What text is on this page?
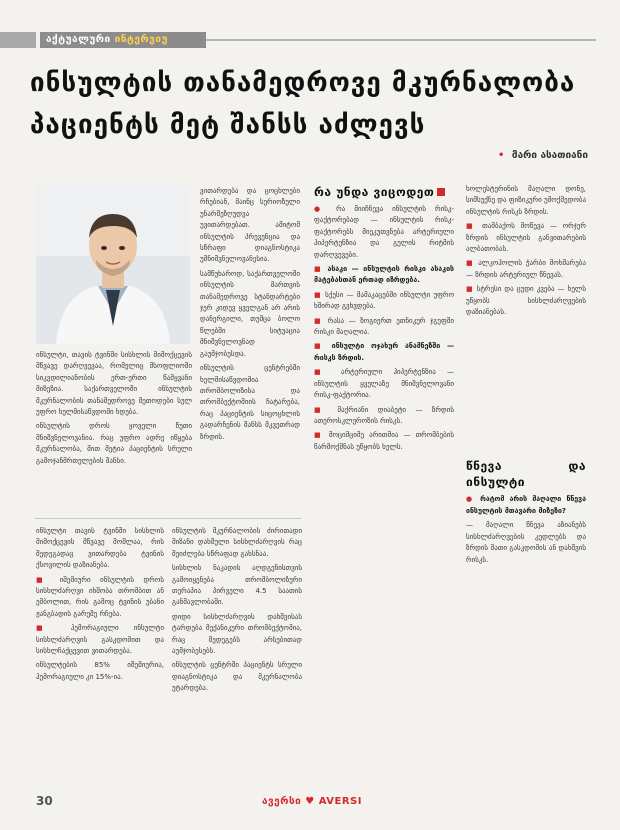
აქტუალური ინტერვიუ
ინსულტის თანამედროვე მკურნალობა
პაციენტს მეტ შანსს აძლევს
• მარი ასათიანი

ვითარდება და ცოცხლები რჩებიან, მაინც სერიოზული უნარშეზღუდვა უვითარდებათ. ამიტომ ინსულტის პრევენცია და სწრაფი დიაგნოსტიკა უმნიშვნელოვანესია.

სამწუხაროდ, საქართველოში ინსულტის მართვის თანამედროვე სტანდარტები ჯერ კიდევ ყველგან არ არის დანერგილი, თუმცა ბოლო წლებში სიტუაცია მნიშვნელოვნად გაუმჯობესდა.

ინსულტის ცენტრებში ხელმისაწვდომია თრომბოლიზისა და თრომბექტომიის ჩატარება, რაც პაციენტის სიცოცხლის გადარჩენის შანსს მკვეთრად ზრდის.

ინსულტი, თავის ტვინში სისხლის მიმოქცევის მწვავე დარღვევაა, რომელიც მსოფლიოში სიკვდილიანობის ერთ-ერთი წამყვანი მიზეზია. საქართველოში ინსულტის მკურნალობის თანამედროვე მეთოდები სულ უფრო ხელმისაწვდომი ხდება.

ინსულტის დროს ყოველი წუთი მნიშვნელოვანია. რაც უფრო ადრე იწყება მკურნალობა, მით მეტია პაციენტის სრული გამოჯანმრთელების შანსი.

ინსულტი თავის ტვინში სისხლის მიმოქცევის მწვავე მოშლაა, რის შედეგადაც ვითარდება ტვინის ქსოვილის დაზიანება.

■ იშემიური ინსულტის დროს სისხლძარღვი იხშობა თრომბით ან ემბოლით, რის გამოც ტვინის უბანი ჟანგბადის გარეშე რჩება.

■ ჰემორაგიული ინსულტი სისხლძარღვის გასკდომით და სისხლჩაქცევით ვითარდება.

ინსულტების 85% იშემიურია, ჰემორაგიული კი 15%-ია.

ინსულტის მკურნალობის ძირითადი მიზანი დახშული სისხლძარღვის რაც შეიძლება სწრაფად გახსნაა.

სისხლის ნაკადის აღდგენისთვის გამოიყენება თრომბოლიზური თერაპია პირველი 4.5 საათის განმავლობაში.

დიდი სისხლძარღვის დახშვისას ტარდება მექანიკური თრომბექტომია, რაც შედეგებს არსებითად აუმჯობესებს.

ინსულტის ცენტრში პაციენტს სრული დიაგნოსტიკა და მკურნალობა უტარდება.

რა უნდა ვიცოდეთ

● რა მიიჩნევა ინსულტის რისკ-ფაქტორებად — ინსულტის რისკ-ფაქტორებს მიეკუთვნება არტერიული ჰიპერტენზია და გულის რიტმის დარღვევები.

■ ასაკი — ინსულტის რისკი ასაკის მატებასთან ერთად იზრდება.

■ სქესი — მამაკაცებში ინსულტი უფრო ხშირად გვხვდება.

■ რასა — ზოგიერთ ეთნიკურ ჯგუფში რისკი მაღალია.

■ ინსულტი ოჯახურ ანამნეზში — რისკს ზრდის.

■ არტერიული ჰიპერტენზია — ინსულტის ყველაზე მნიშვნელოვანი რისკ-ფაქტორია.

■ შაქრიანი დიაბეტი — ზრდის ათეროსკლეროზის რისკს.

■ მოციმციმე არითმია — თრომბების წარმოქმნას უწყობს ხელს.

ხოლესტერინის მაღალი დონე, სიმსუქნე და ფიზიკური უმოქმედობა ინსულტის რისკს ზრდის.

■ თამბაქოს მოწევა — ორჯერ ზრდის ინსულტის განვითარების ალბათობას.

■ ალკოჰოლის ჭარბი მოხმარება — ზრდის არტერიულ წნევას.

■ სტრესი და ცუდი კვება — ხელს უწყობს სისხლძარღვების დაზიანებას.

წნევა და ინსულტი

● რატომ არის მაღალი წნევა ინსულტის მთავარი მიზეზი?

— მაღალი წნევა აზიანებს სისხლძარღვების კედლებს და ზრდის მათი გასკდომის ან დახშვის რისკს.

30	ავერსი ♥ AVERSI
